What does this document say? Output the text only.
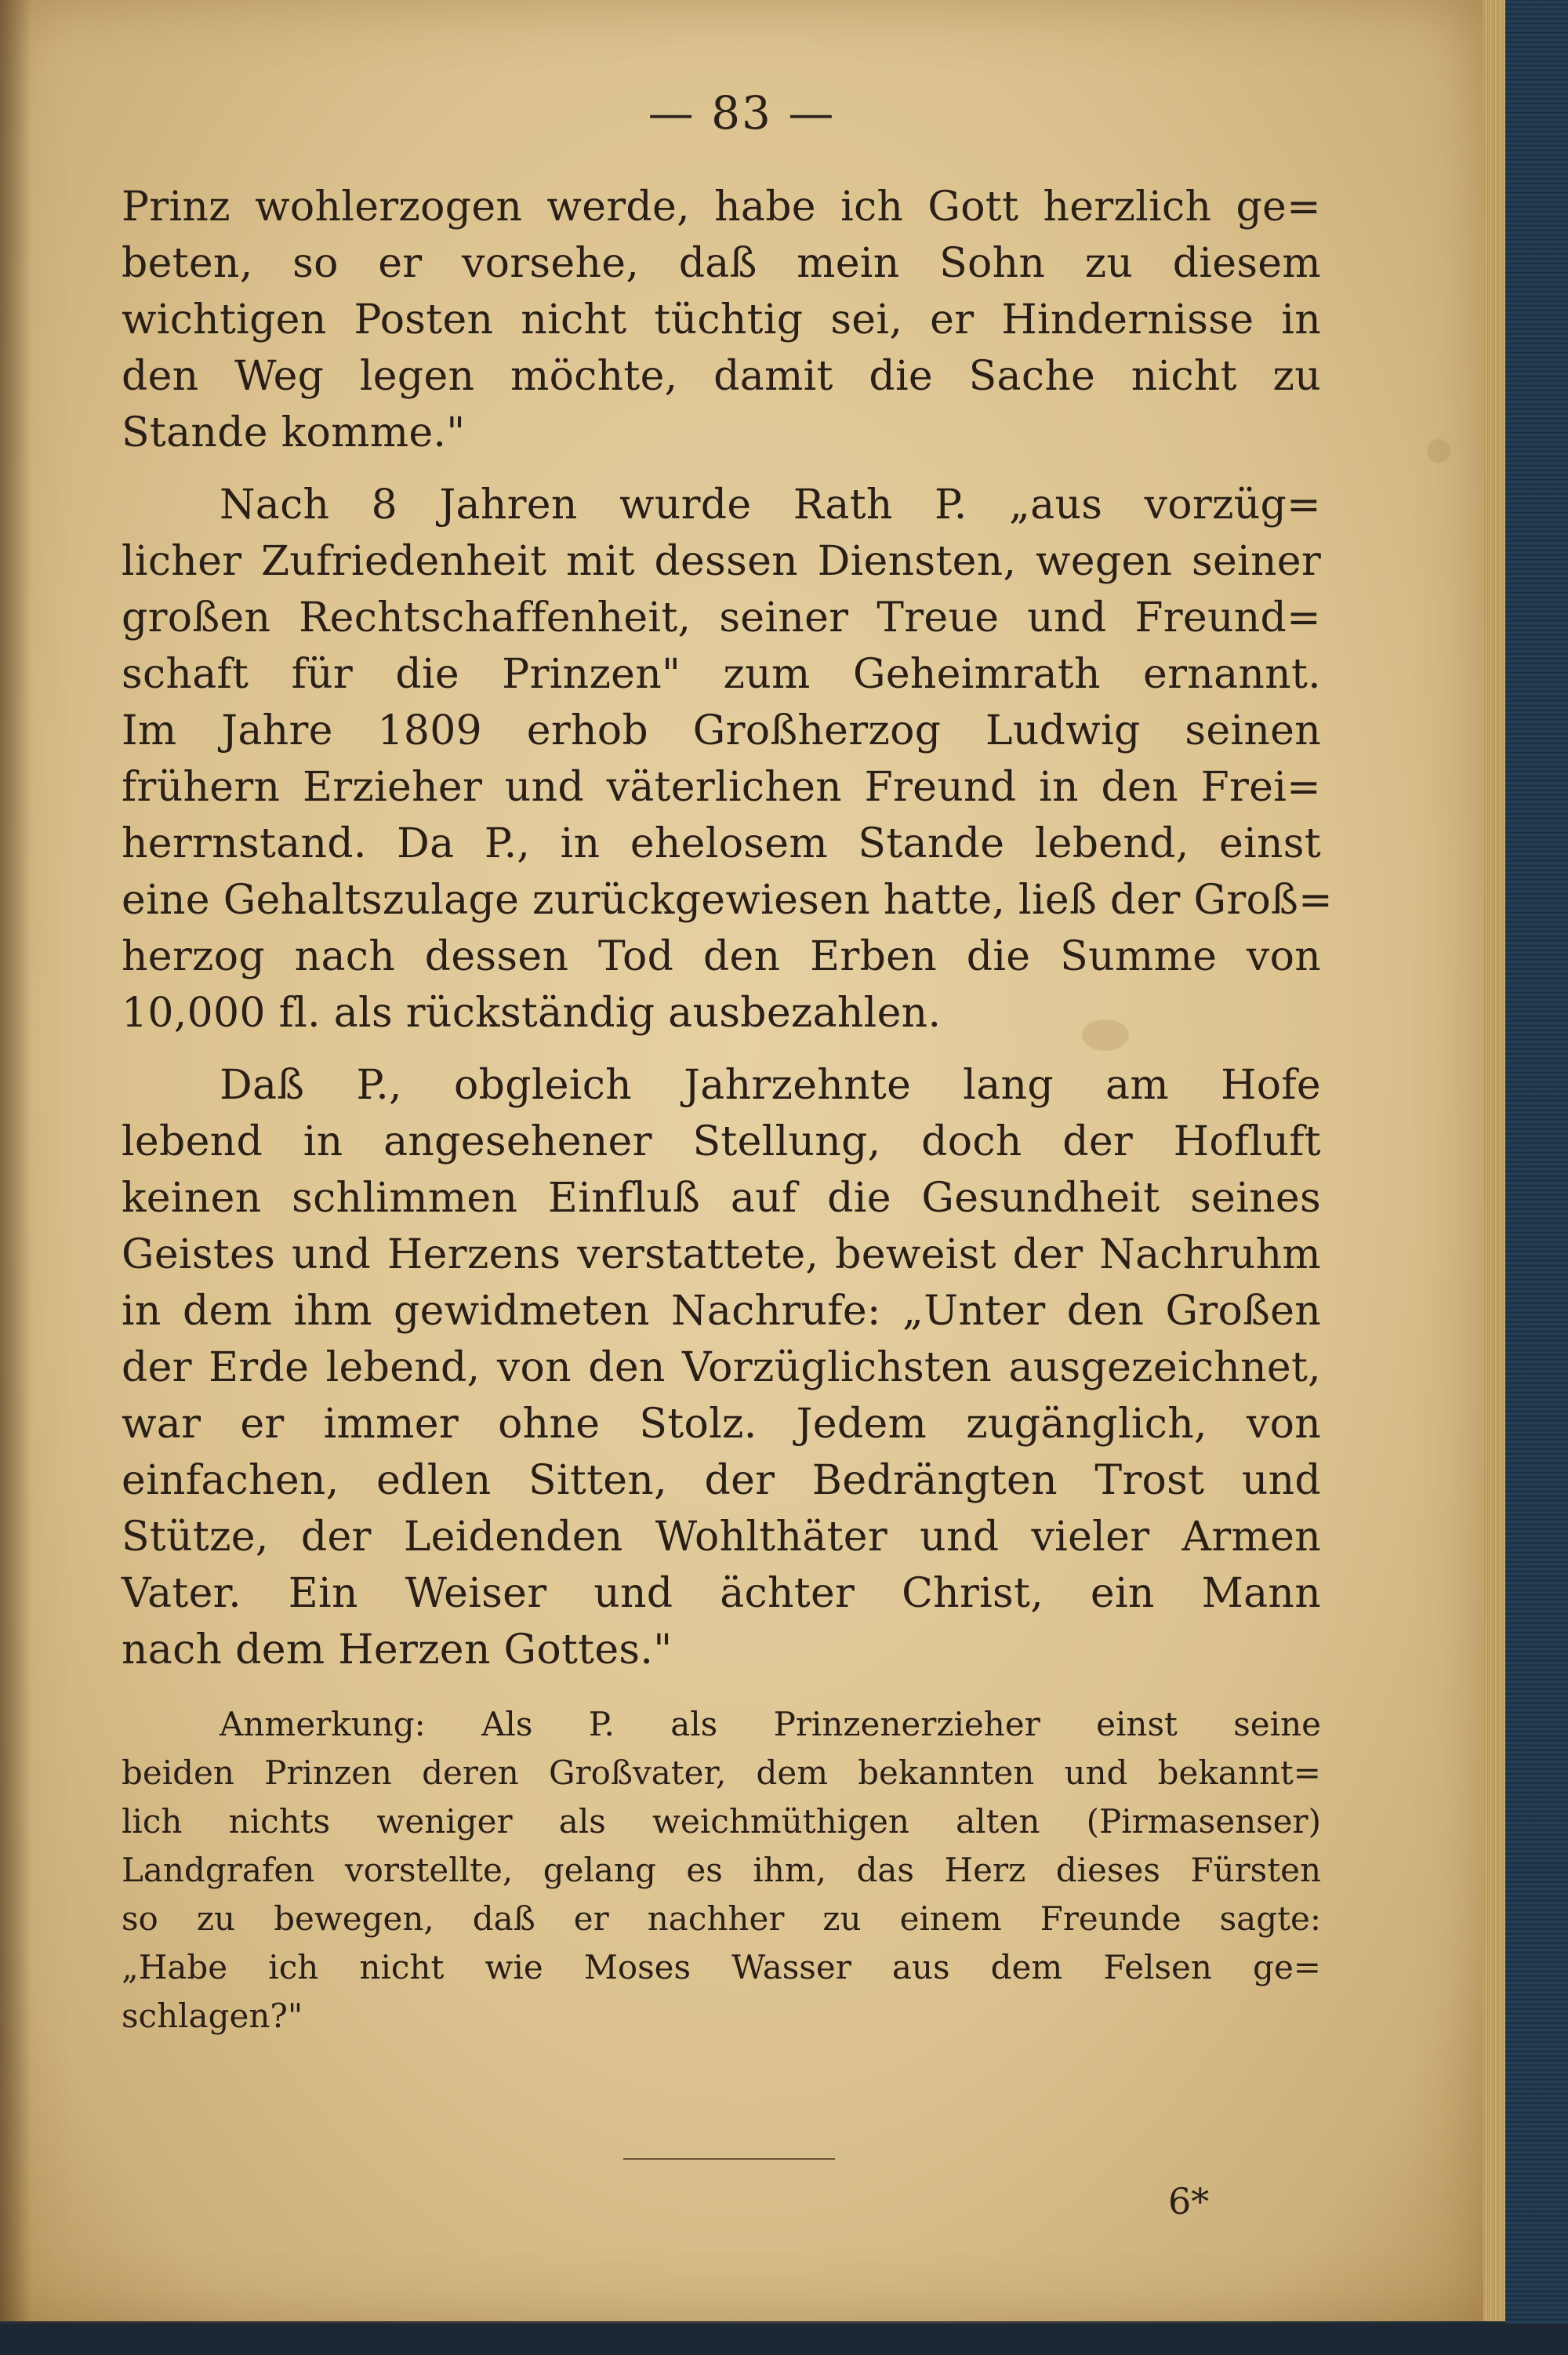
— 83 —
Prinz wohlerzogen werde, habe ich Gott herzlich ge=
beten, so er vorsehe, daß mein Sohn zu diesem
wichtigen Posten nicht tüchtig sei, er Hindernisse in
den Weg legen möchte, damit die Sache nicht zu
Stande komme."
Nach 8 Jahren wurde Rath P. „aus vorzüg=
licher Zufriedenheit mit dessen Diensten, wegen seiner
großen Rechtschaffenheit, seiner Treue und Freund=
schaft für die Prinzen" zum Geheimrath ernannt.
Im Jahre 1809 erhob Großherzog Ludwig seinen
frühern Erzieher und väterlichen Freund in den Frei=
herrnstand. Da P., in ehelosem Stande lebend, einst
eine Gehaltszulage zurückgewiesen hatte, ließ der Groß=
herzog nach dessen Tod den Erben die Summe von
10,000 fl. als rückständig ausbezahlen.
Daß P., obgleich Jahrzehnte lang am Hofe
lebend in angesehener Stellung, doch der Hofluft
keinen schlimmen Einfluß auf die Gesundheit seines
Geistes und Herzens verstattete, beweist der Nachruhm
in dem ihm gewidmeten Nachrufe: „Unter den Großen
der Erde lebend, von den Vorzüglichsten ausgezeichnet,
war er immer ohne Stolz. Jedem zugänglich, von
einfachen, edlen Sitten, der Bedrängten Trost und
Stütze, der Leidenden Wohlthäter und vieler Armen
Vater. Ein Weiser und ächter Christ, ein Mann
nach dem Herzen Gottes."
Anmerkung: Als P. als Prinzenerzieher einst seine
beiden Prinzen deren Großvater, dem bekannten und bekannt=
lich nichts weniger als weichmüthigen alten (Pirmasenser)
Landgrafen vorstellte, gelang es ihm, das Herz dieses Fürsten
so zu bewegen, daß er nachher zu einem Freunde sagte:
„Habe ich nicht wie Moses Wasser aus dem Felsen ge=
schlagen?"
6*
